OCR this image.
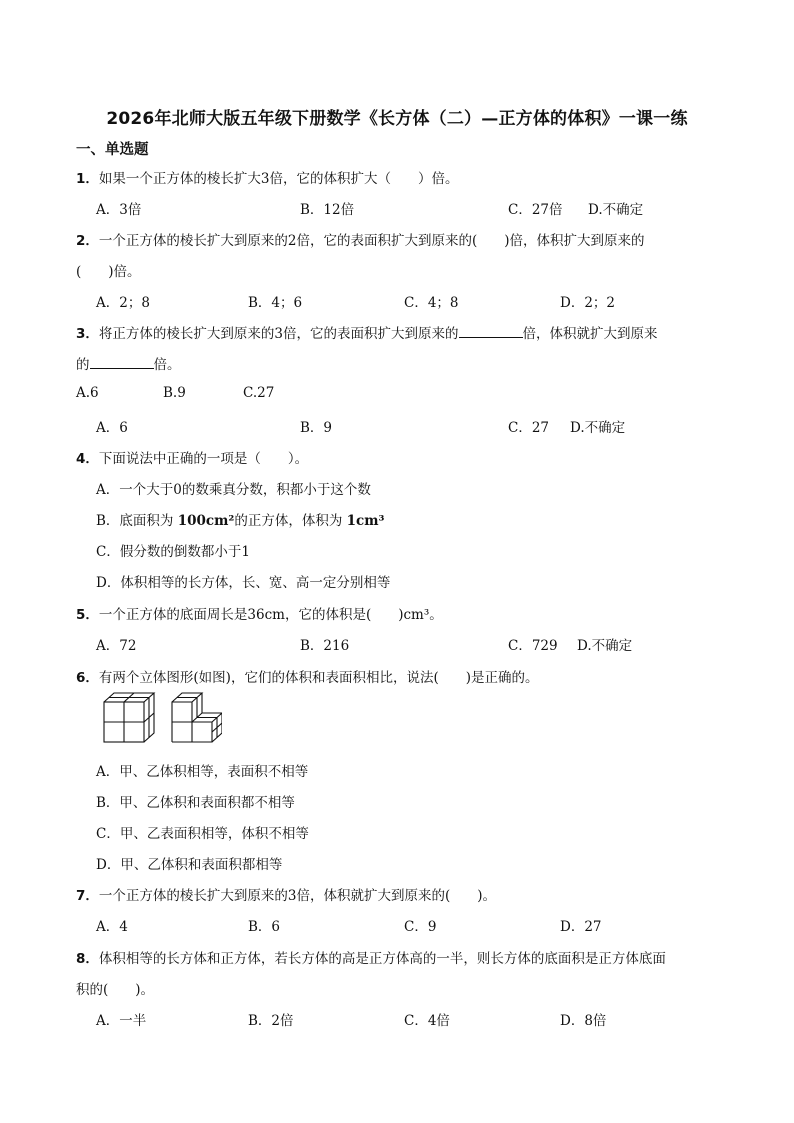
2026年北师大版五年级下册数学《长方体（二）—正方体的体积》一课一练
一、单选题
1．如果一个正方体的棱长扩大3倍，它的体积扩大（　　）倍。
A．3倍	B．12倍	C．27倍 D.不确定
2．一个正方体的棱长扩大到原来的2倍，它的表面积扩大到原来的(　　)倍，体积扩大到原来的
(　　)倍。
A．2；8	B．4；6	C．4；8	D．2；2
3．将正方体的棱长扩大到原来的3倍，它的表面积扩大到原来的	倍，体积就扩大到原来
的	倍。
A.6	B.9	C.27
A．6	B．9	C．27 D.不确定
4．下面说法中正确的一项是（　　）。
A．一个大于0的数乘真分数，积都小于这个数
B．底面积为 100cm²的正方体，体积为 1cm³
C．假分数的倒数都小于1
D．体积相等的长方体，长、宽、高一定分别相等
5．一个正方体的底面周长是36cm，它的体积是(　　)cm³。
A．72	B．216	C．729 D.不确定
6．有两个立体图形(如图)，它们的体积和表面积相比，说法(　　)是正确的。
A．甲、乙体积相等，表面积不相等
B．甲、乙体积和表面积都不相等
C．甲、乙表面积相等，体积不相等
D．甲、乙体积和表面积都相等
7．一个正方体的棱长扩大到原来的3倍，体积就扩大到原来的(　　)。
A．4	B．6	C．9	D．27
8．体积相等的长方体和正方体，若长方体的高是正方体高的一半，则长方体的底面积是正方体底面
积的(　　)。
A．一半	B．2倍	C．4倍	D．8倍
